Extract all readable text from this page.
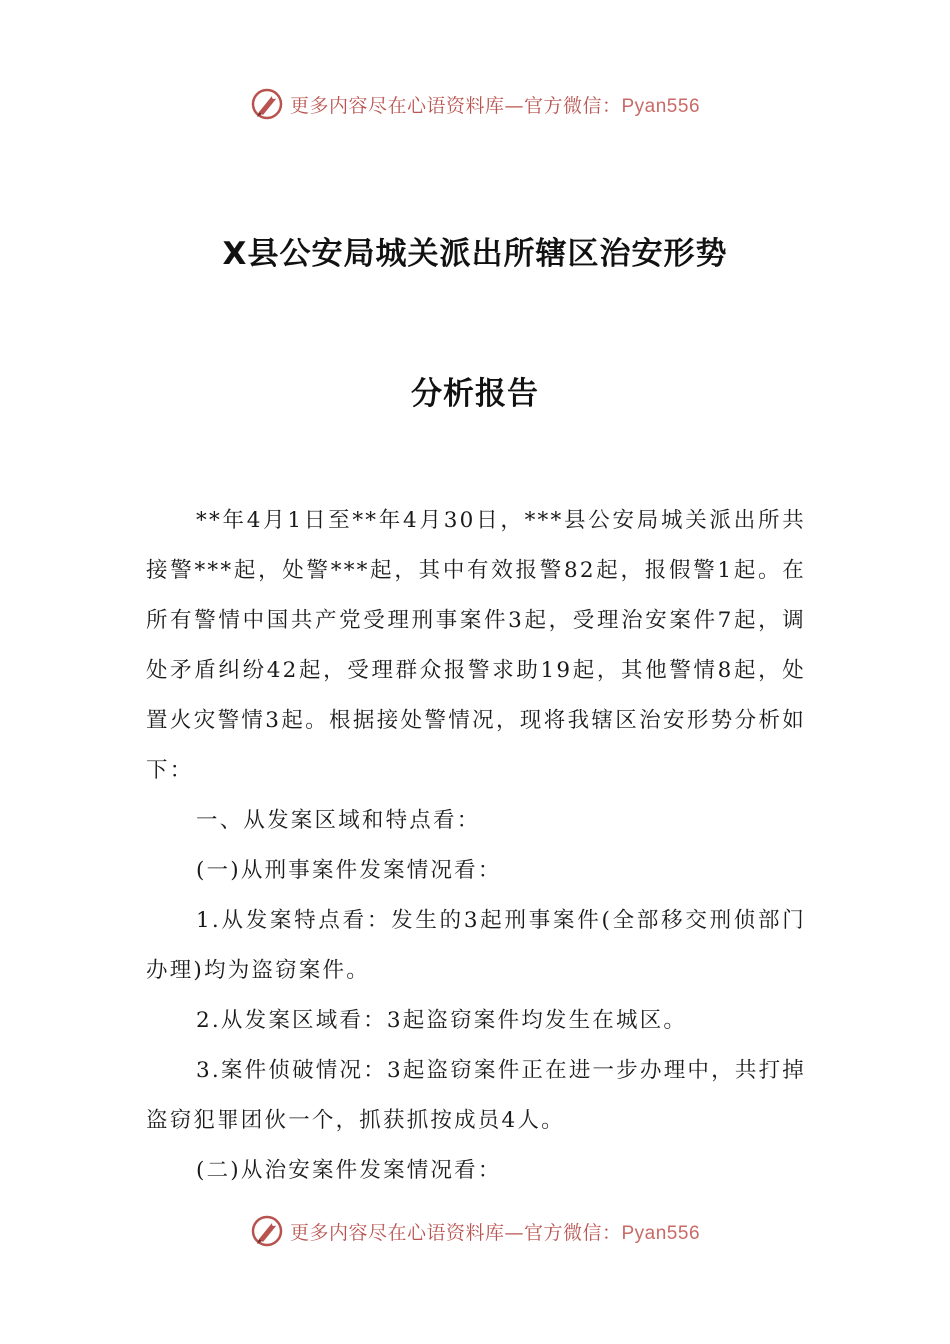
更多内容尽在心语资料库—官方微信：Pyan556
X县公安局城关派出所辖区治安形势
分析报告

**年4月1日至**年4月30日，***县公安局城关派出所共接警***起，处警***起，其中有效报警82起，报假警1起。在所有警情中国共产党受理刑事案件3起，受理治安案件7起，调处矛盾纠纷42起，受理群众报警求助19起，其他警情8起，处置火灾警情3起。根据接处警情况，现将我辖区治安形势分析如下：

一、从发案区域和特点看：

(一)从刑事案件发案情况看：

1.从发案特点看：发生的3起刑事案件(全部移交刑侦部门办理)均为盗窃案件。

2.从发案区域看：3起盗窃案件均发生在城区。

3.案件侦破情况：3起盗窃案件正在进一步办理中，共打掉盗窃犯罪团伙一个，抓获抓按成员4人。

(二)从治安案件发案情况看：

更多内容尽在心语资料库—官方微信：Pyan556
